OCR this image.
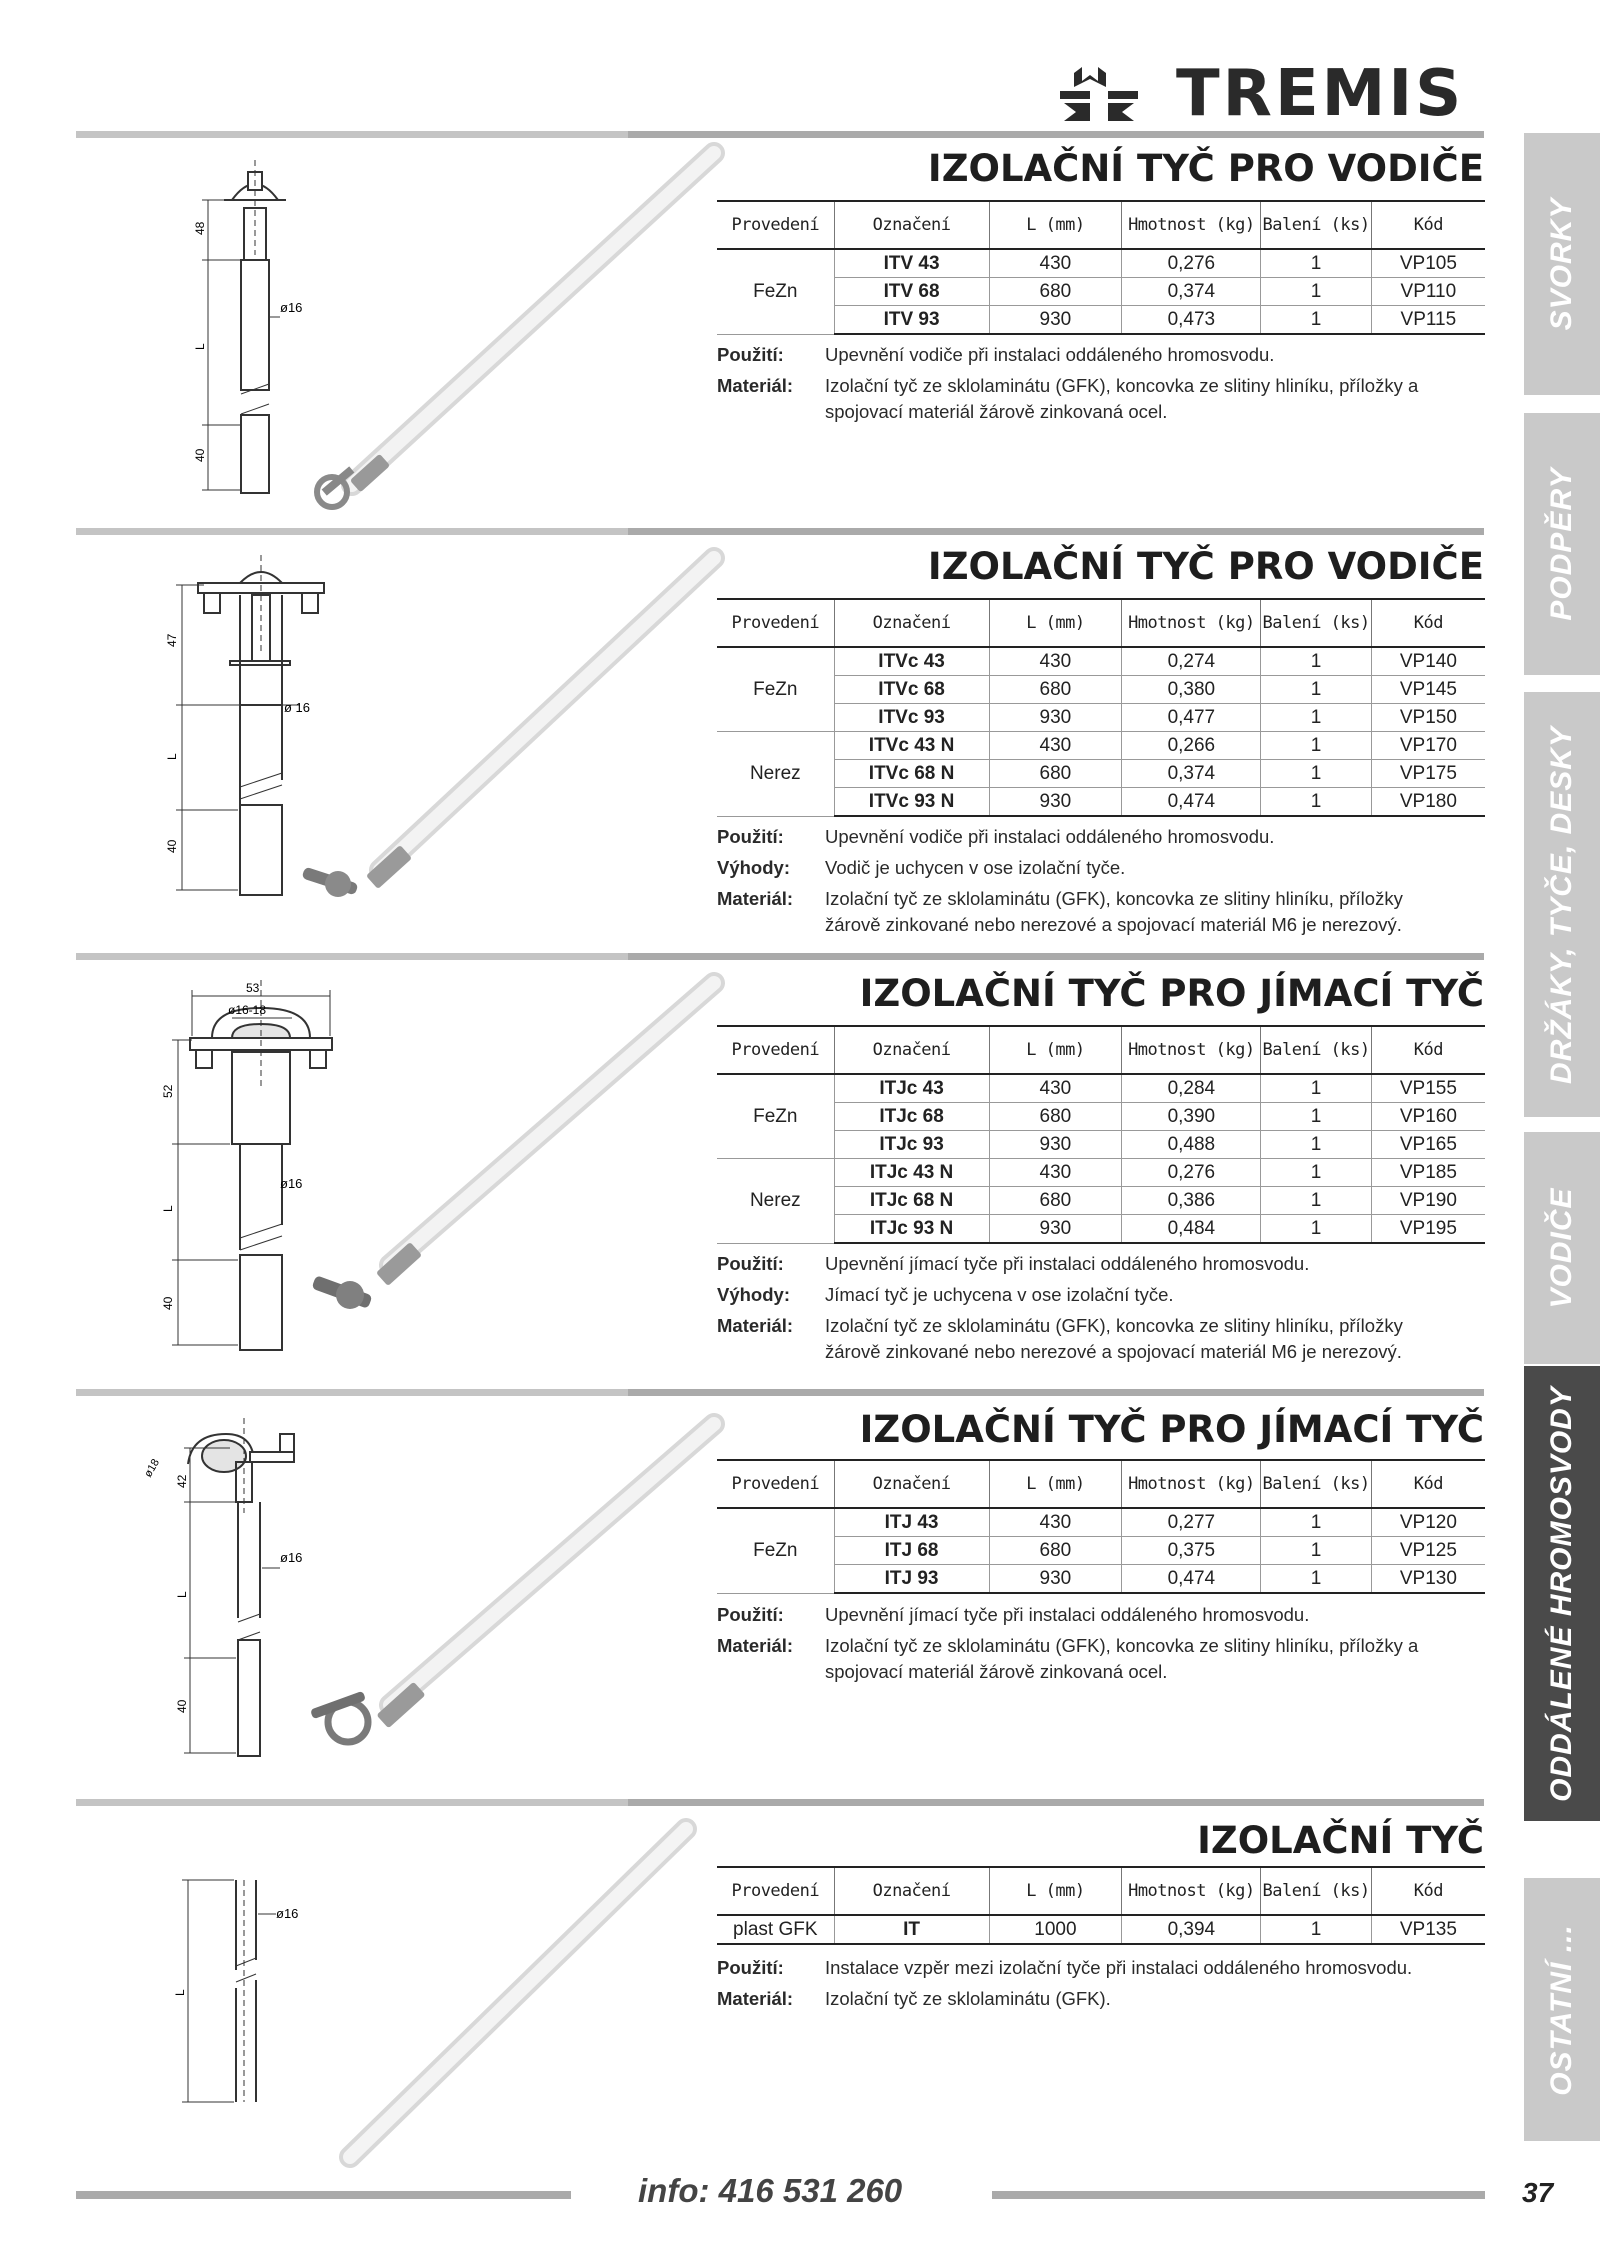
TREMIS
IZOLAČNÍ TYČ PRO VODIČE
IZOLAČNÍ TYČ PRO VODIČE
IZOLAČNÍ TYČ PRO JÍMACÍ TYČ
IZOLAČNÍ TYČ PRO JÍMACÍ TYČ
IZOLAČNÍ TYČ
48
ø16
L
40
Provedení	Označení	L (mm)	Hmotnost (kg)	Balení (ks)	Kód
FeZn	ITV 43	430	0,276	1	VP105
	ITV 68	680	0,374	1	VP110
	ITV 93	930	0,473	1	VP115
Použití:	Upevnění vodiče při instalaci oddáleného hromosvodu.
Materiál:	Izolační tyč ze sklolaminátu (GFK), koncovka ze slitiny hliníku, příložky a spojovací materiál žárově zinkovaná ocel.
47
ø 16
L
40
Provedení	Označení	L (mm)	Hmotnost (kg)	Balení (ks)	Kód
FeZn	ITVc 43	430	0,274	1	VP140
	ITVc 68	680	0,380	1	VP145
	ITVc 93	930	0,477	1	VP150
Nerez	ITVc 43 N	430	0,266	1	VP170
	ITVc 68 N	680	0,374	1	VP175
	ITVc 93 N	930	0,474	1	VP180
Použití:	Upevnění vodiče při instalaci oddáleného hromosvodu.
Výhody:	Vodič je uchycen v ose izolační tyče.
Materiál:	Izolační tyč ze sklolaminátu (GFK), koncovka ze slitiny hliníku, příložky žárově zinkované nebo nerezové a spojovací materiál M6 je nerezový.
53
ø16-18
52
ø16
L
40
Provedení	Označení	L (mm)	Hmotnost (kg)	Balení (ks)	Kód
FeZn	ITJc 43	430	0,284	1	VP155
	ITJc 68	680	0,390	1	VP160
	ITJc 93	930	0,488	1	VP165
Nerez	ITJc 43 N	430	0,276	1	VP185
	ITJc 68 N	680	0,386	1	VP190
	ITJc 93 N	930	0,484	1	VP195
Použití:	Upevnění jímací tyče při instalaci oddáleného hromosvodu.
Výhody:	Jímací tyč je uchycena v ose izolační tyče.
Materiál:	Izolační tyč ze sklolaminátu (GFK), koncovka ze slitiny hliníku, příložky žárově zinkované nebo nerezové a spojovací materiál M6 je nerezový.
ø18
42
ø16
L
40
Provedení	Označení	L (mm)	Hmotnost (kg)	Balení (ks)	Kód
FeZn	ITJ 43	430	0,277	1	VP120
	ITJ 68	680	0,375	1	VP125
	ITJ 93	930	0,474	1	VP130
Použití:	Upevnění jímací tyče při instalaci oddáleného hromosvodu.
Materiál:	Izolační tyč ze sklolaminátu (GFK), koncovka ze slitiny hliníku, příložky a spojovací materiál žárově zinkovaná ocel.
ø16
L
Provedení	Označení	L (mm)	Hmotnost (kg)	Balení (ks)	Kód
plast GFK	IT	1000	0,394	1	VP135
Použití:	Instalace vzpěr mezi izolační tyče při instalaci oddáleného hromosvodu.
Materiál:	Izolační tyč ze sklolaminátu (GFK).
SVORKY
PODPĚRY
DRŽÁKY, TYČE, DESKY
VODIČE
ODDÁLENÉ HROMOSVODY
OSTATNÍ ...
info: 416 531 260	37
